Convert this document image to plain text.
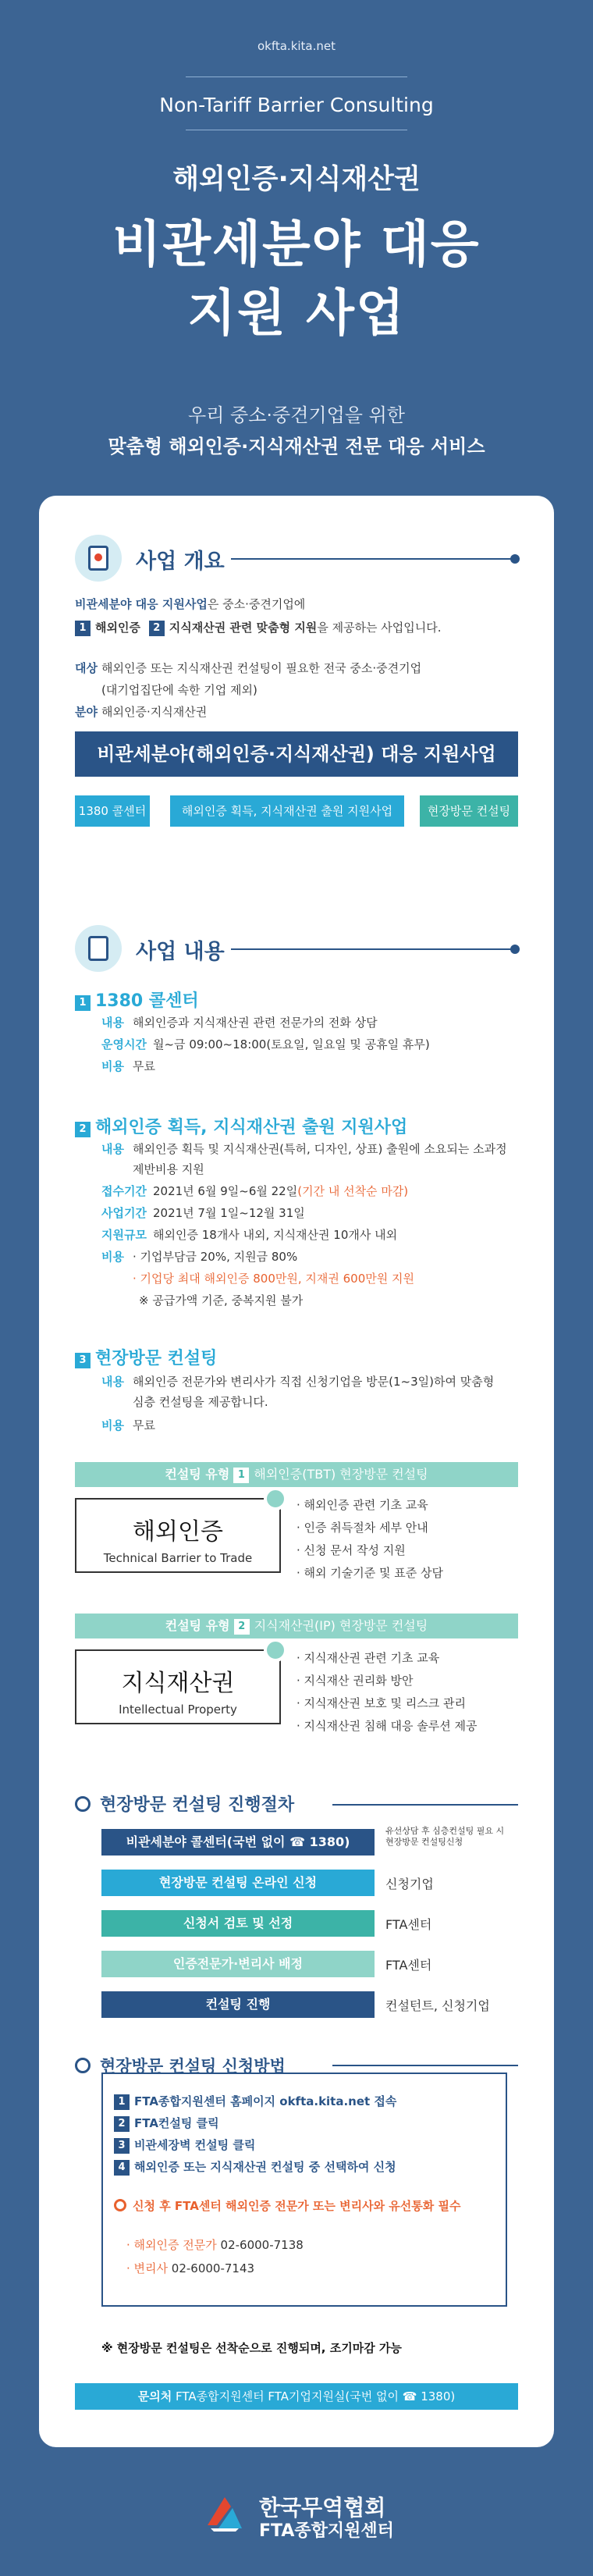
okfta.kita.net
Non-Tariff Barrier Consulting
해외인증·지식재산권
비관세분야 대응
지원 사업
우리 중소·중견기업을 위한
맞춤형 해외인증·지식재산권 전문 대응 서비스
사업 개요
비관세분야 대응 지원사업은 중소·중견기업에
1 해외인증 2 지식재산권 관련 맞춤형 지원을 제공하는 사업입니다.
대상 해외인증 또는 지식재산권 컨설팅이 필요한 전국 중소·중견기업
(대기업집단에 속한 기업 제외)
분야 해외인증·지식재산권
비관세분야(해외인증·지식재산권) 대응 지원사업
1380 콜센터	해외인증 획득, 지식재산권 출원 지원사업	현장방문 컨설팅
사업 내용
1 1380 콜센터
내용 해외인증과 지식재산권 관련 전문가의 전화 상담
운영시간 월~금 09:00~18:00(토요일, 일요일 및 공휴일 휴무)
비용 무료
2 해외인증 획득, 지식재산권 출원 지원사업
내용 해외인증 획득 및 지식재산권(특허, 디자인, 상표) 출원에 소요되는 소과정
제반비용 지원
접수기간 2021년 6월 9일~6월 22일(기간 내 선착순 마감)
사업기간 2021년 7월 1일~12월 31일
지원규모 해외인증 18개사 내외, 지식재산권 10개사 내외
비용 · 기업부담금 20%, 지원금 80%
· 기업당 최대 해외인증 800만원, 지재권 600만원 지원
※ 공급가액 기준, 중복지원 불가
3 현장방문 컨설팅
내용 해외인증 전문가와 변리사가 직접 신청기업을 방문(1~3일)하여 맞춤형
심층 컨설팅을 제공합니다.
비용 무료
컨설팅 유형 1 해외인증(TBT) 현장방문 컨설팅
해외인증
Technical Barrier to Trade
· 해외인증 관련 기초 교육
· 인증 취득절차 세부 안내
· 신청 문서 작성 지원
· 해외 기술기준 및 표준 상담
컨설팅 유형 2 지식재산권(IP) 현장방문 컨설팅
지식재산권
Intellectual Property
· 지식재산권 관련 기초 교육
· 지식재산 권리화 방안
· 지식재산권 보호 및 리스크 관리
· 지식재산권 침해 대응 솔루션 제공
현장방문 컨설팅 진행절차
비관세분야 콜센터(국번 없이 ☎ 1380)
유선상담 후 심층컨설팅 필요 시 현장방문 컨설팅신청
현장방문 컨설팅 온라인 신청	신청기업
신청서 검토 및 선정	FTA센터
인증전문가·변리사 배정	FTA센터
컨설팅 진행	컨설턴트, 신청기업
현장방문 컨설팅 신청방법
1 FTA종합지원센터 홈페이지 okfta.kita.net 접속
2 FTA컨설팅 클릭
3 비관세장벽 컨설팅 클릭
4 해외인증 또는 지식재산권 컨설팅 중 선택하여 신청
신청 후 FTA센터 해외인증 전문가 또는 변리사와 유선통화 필수
· 해외인증 전문가 02-6000-7138
· 변리사 02-6000-7143
※ 현장방문 컨설팅은 선착순으로 진행되며, 조기마감 가능
문의처 FTA종합지원센터 FTA기업지원실(국번 없이 ☎ 1380)
한국무역협회
FTA종합지원센터
